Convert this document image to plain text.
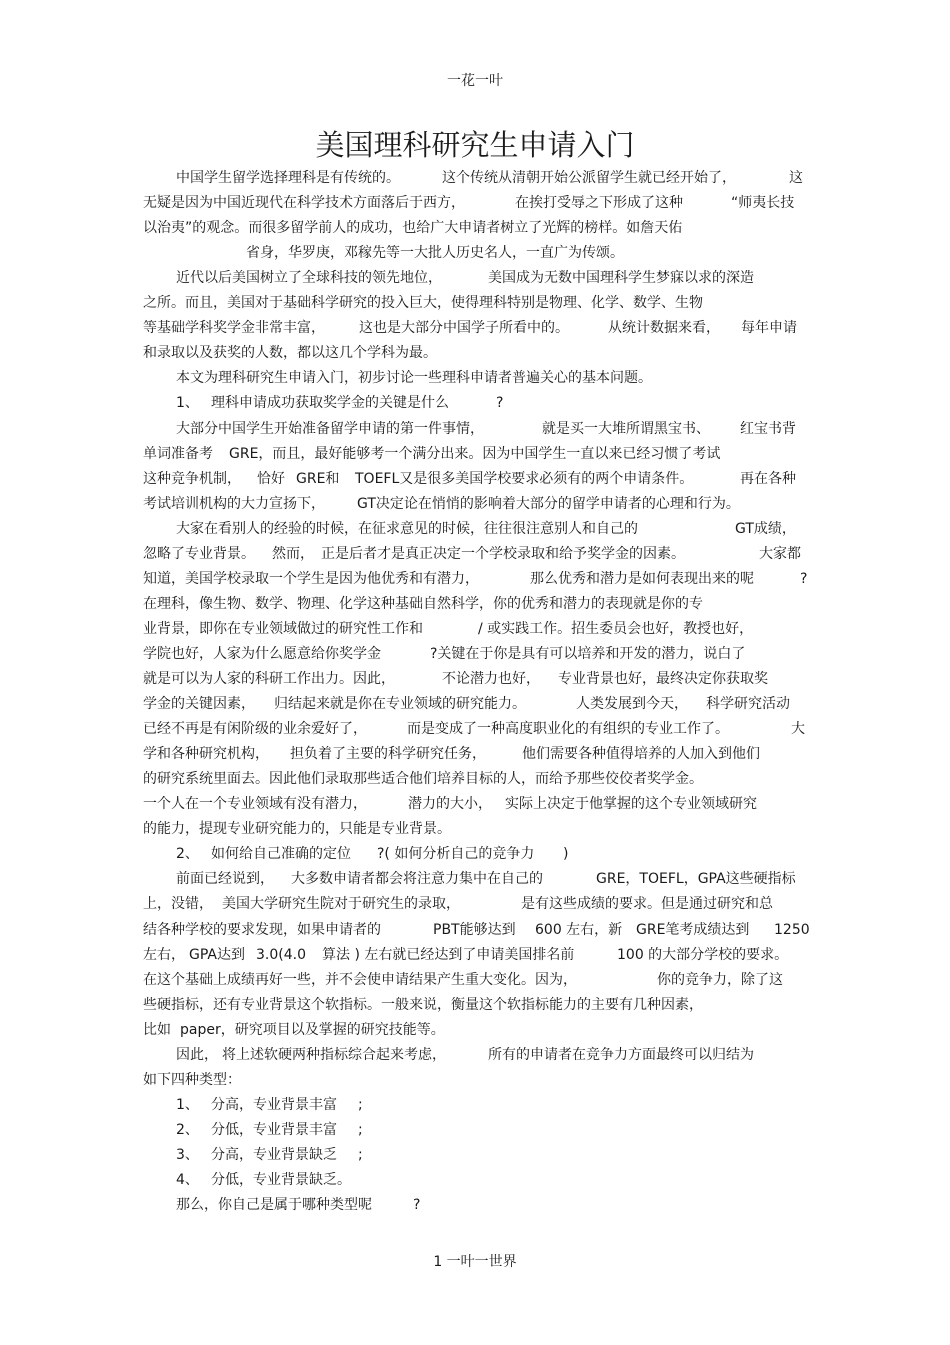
一花一叶
美国理科研究生申请入门
中国学生留学选择理科是有传统的。	这个传统从清朝开始公派留学生就已经开始了，	这
无疑是因为中国近现代在科学技术方面落后于西方，	在挨打受辱之下形成了这种	“师夷长技
以治夷”的观念。而很多留学前人的成功，也给广大申请者树立了光辉的榜样。如詹天佑
省身，华罗庚，邓稼先等一大批人历史名人，一直广为传颂。
近代以后美国树立了全球科技的领先地位，	美国成为无数中国理科学生梦寐以求的深造
之所。而且，美国对于基础科学研究的投入巨大，使得理科特别是物理、化学、数学、生物
等基础学科奖学金非常丰富， 这也是大部分中国学子所看中的。	从统计数据来看， 每年申请
和录取以及获奖的人数，都以这几个学科为最。
本文为理科研究生申请入门，初步讨论一些理科申请者普遍关心的基本问题。
1、 理科申请成功获取奖学金的关键是什么	?
大部分中国学生开始准备留学申请的第一件事情，	就是买一大堆所谓黑宝书、 红宝书背
单词准备考 GRE，而且，最好能够考一个满分出来。因为中国学生一直以来已经习惯了考试
这种竞争机制， 恰好 GRE和 TOEFL又是很多美国学校要求必须有的两个申请条件。	再在各种
考试培训机构的大力宣扬下， GT决定论在悄悄的影响着大部分的留学申请者的心理和行为。
大家在看别人的经验的时候，在征求意见的时候，往往很注意别人和自己的	GT成绩，
忽略了专业背景。 然而， 正是后者才是真正决定一个学校录取和给予奖学金的因素。	大家都
知道，美国学校录取一个学生是因为他优秀和有潜力，	那么优秀和潜力是如何表现出来的呢	?
在理科，像生物、数学、物理、化学这种基础自然科学，你的优秀和潜力的表现就是你的专
业背景，即你在专业领域做过的研究性工作和	/ 或实践工作。招生委员会也好，教授也好，
学院也好，人家为什么愿意给你奖学金	?关键在于你是具有可以培养和开发的潜力，说白了
就是可以为人家的科研工作出力。因此，	不论潜力也好， 专业背景也好，最终决定你获取奖
学金的关键因素， 归结起来就是你在专业领域的研究能力。	人类发展到今天， 科学研究活动
已经不再是有闲阶级的业余爱好了，	而是变成了一种高度职业化的有组织的专业工作了。	大
学和各种研究机构， 担负着了主要的科学研究任务，	他们需要各种值得培养的人加入到他们
的研究系统里面去。因此他们录取那些适合他们培养目标的人，而给予那些佼佼者奖学金。
一个人在一个专业领域有没有潜力，	潜力的大小， 实际上决定于他掌握的这个专业领域研究
的能力，提现专业研究能力的，只能是专业背景。
2、 如何给自己准确的定位 ?( 如何分析自己的竞争力 )
前面已经说到， 大多数申请者都会将注意力集中在自己的	GRE，TOEFL，GPA这些硬指标
上，没错， 美国大学研究生院对于研究生的录取，	是有这些成绩的要求。但是通过研究和总
结各种学校的要求发现，如果申请者的	PBT能够达到 600 左右，新 GRE笔考成绩达到 1250
左右， GPA达到 3.0(4.0 算法 ) 左右就已经达到了申请美国排名前	100 的大部分学校的要求。
在这个基础上成绩再好一些，并不会使申请结果产生重大变化。因为，	你的竞争力，除了这
些硬指标，还有专业背景这个软指标。一般来说，衡量这个软指标能力的主要有几种因素，
比如 paper，研究项目以及掌握的研究技能等。
因此， 将上述软硬两种指标综合起来考虑，	所有的申请者在竞争力方面最终可以归结为
如下四种类型：
1、 分高，专业背景丰富 ;
2、 分低，专业背景丰富 ;
3、 分高，专业背景缺乏 ;
4、 分低，专业背景缺乏。
那么，你自己是属于哪种类型呢	?
1 一叶一世界
